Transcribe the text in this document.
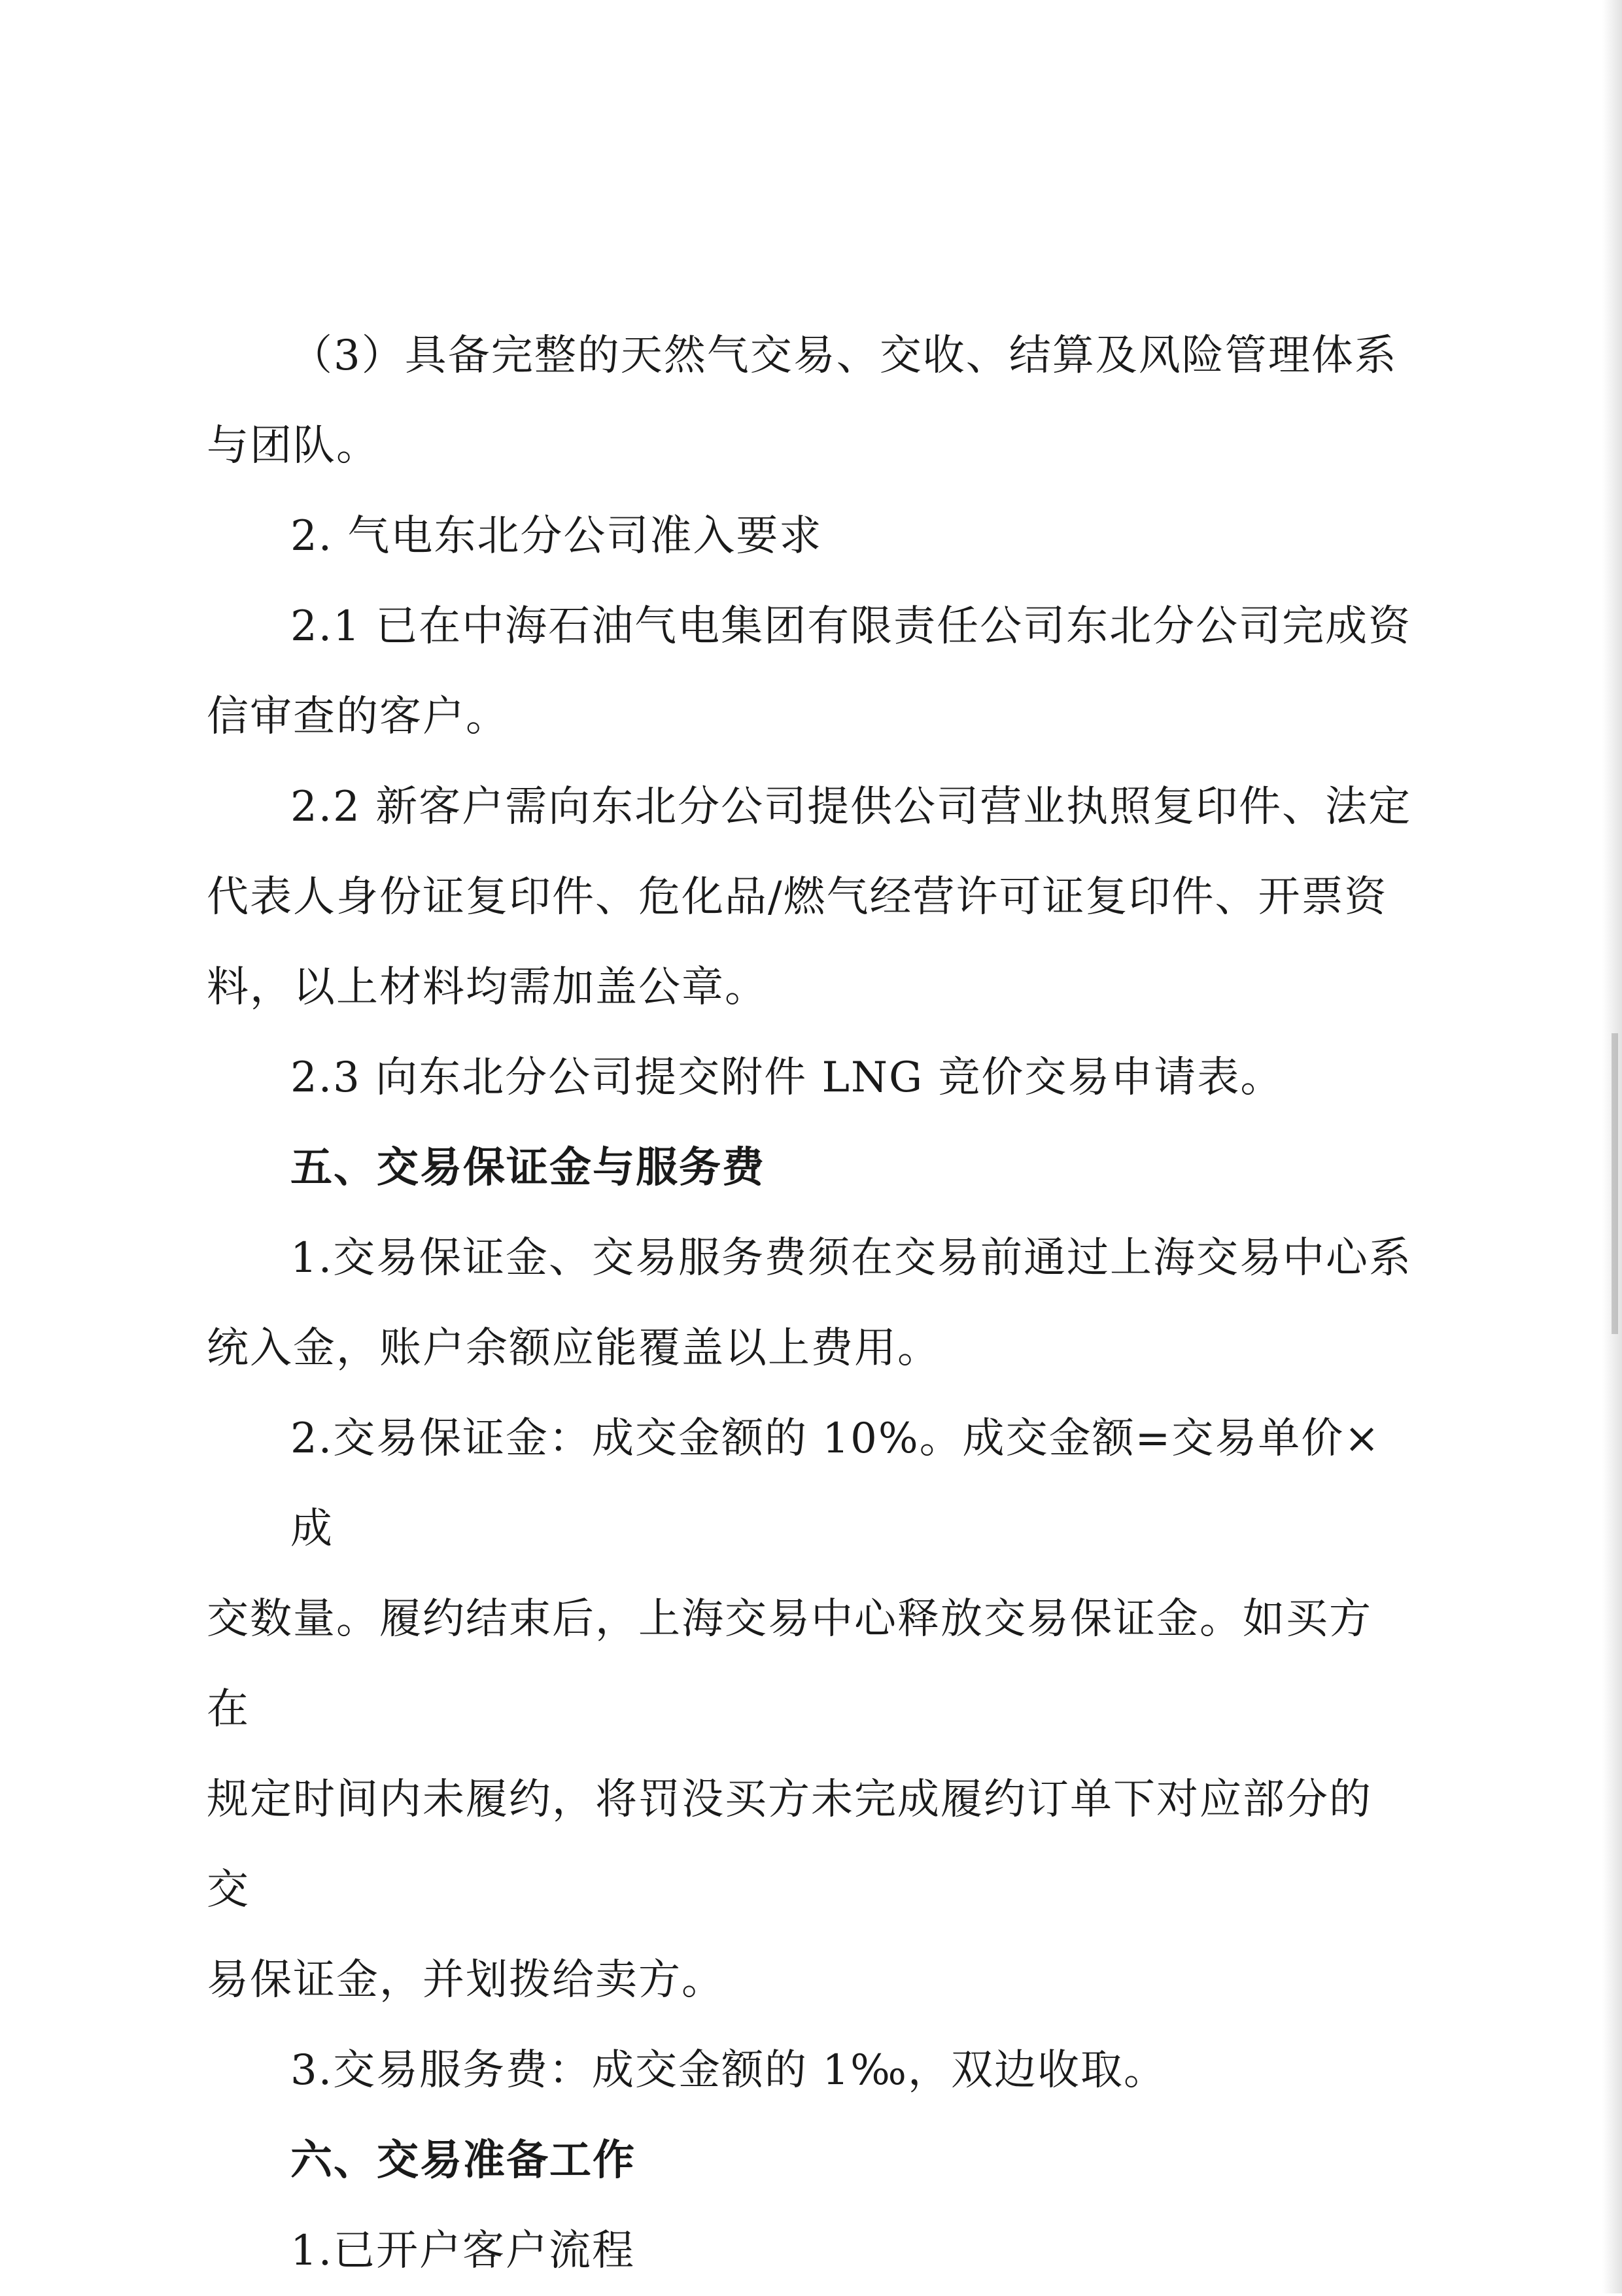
（3）具备完整的天然气交易、交收、结算及风险管理体系
与团队。

2. 气电东北分公司准入要求

2.1 已在中海石油气电集团有限责任公司东北分公司完成资
信审查的客户。

2.2 新客户需向东北分公司提供公司营业执照复印件、法定
代表人身份证复印件、危化品/燃气经营许可证复印件、开票资
料，以上材料均需加盖公章。

2.3 向东北分公司提交附件 LNG 竞价交易申请表。

五、交易保证金与服务费

1.交易保证金、交易服务费须在交易前通过上海交易中心系
统入金，账户余额应能覆盖以上费用。

2.交易保证金：成交金额的 10%。成交金额=交易单价×成
交数量。履约结束后，上海交易中心释放交易保证金。如买方在
规定时间内未履约，将罚没买方未完成履约订单下对应部分的交
易保证金，并划拨给卖方。

3.交易服务费：成交金额的 1‰，双边收取。

六、交易准备工作

1.已开户客户流程
